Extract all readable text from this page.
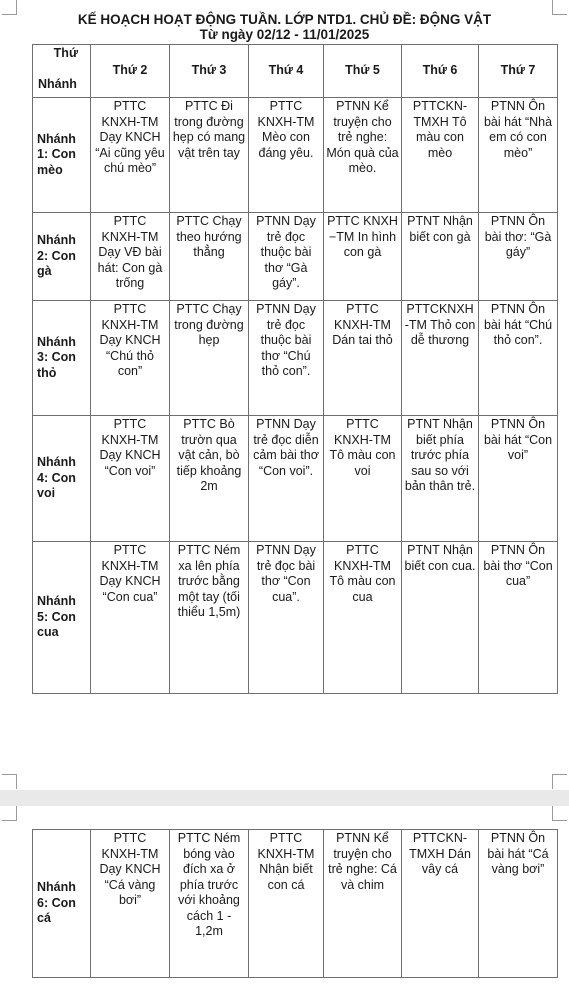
KẾ HOẠCH HOẠT ĐỘNG TUẦN. LỚP NTD1. CHỦ ĐỀ: ĐỘNG VẬT
Từ ngày 02/12 - 11/01/2025
Thứ
Nhánh	Thứ 2	Thứ 3	Thứ 4	Thứ 5	Thứ 6	Thứ 7
Nhánh 1: Con mèo	PTTC KNXH-TM Dạy KNCH “Ai cũng yêu chú mèo”	PTTC Đi trong đường hẹp có mang vật trên tay	PTTC KNXH-TM Mèo con đáng yêu.	PTNN Kể truyện cho trẻ nghe: Món quà của mèo.	PTTCKN-TMXH Tô màu con mèo	PTNN Ôn bài hát “Nhà em có con mèo”
Nhánh 2: Con gà	PTTC KNXH-TM Dạy VĐ bài hát: Con gà trống	PTTC Chạy theo hướng thẳng	PTNN Dạy trẻ đọc thuộc bài thơ “Gà gáy”.	PTTC KNXH −TM In hình con gà	PTNT Nhận biết con gà	PTNN Ôn bài thơ: “Gà gáy”
Nhánh 3: Con thỏ	PTTC KNXH-TM Dạy KNCH “Chú thỏ con”	PTTC Chạy trong đường hẹp	PTNN Dạy trẻ đọc thuộc bài thơ “Chú thỏ con”.	PTTC KNXH-TM Dán tai thỏ	PTTCKNXH -TM Thỏ con dễ thương	PTNN Ôn bài hát “Chú thỏ con”.
Nhánh 4: Con voi	PTTC KNXH-TM Dạy KNCH “Con voi”	PTTC Bò trườn qua vật cản, bò tiếp khoảng 2m	PTNN Dạy trẻ đọc diễn cảm bài thơ “Con voi”.	PTTC KNXH-TM Tô màu con voi	PTNT Nhận biết phía trước phía sau so với bản thân trẻ.	PTNN Ôn bài hát “Con voi”
Nhánh 5: Con cua	PTTC KNXH-TM Dạy KNCH “Con cua”	PTTC Ném xa lên phía trước bằng một tay (tối thiểu 1,5m)	PTNN Dạy trẻ đọc bài thơ “Con cua”.	PTTC KNXH-TM Tô màu con cua	PTNT Nhận biết con cua.	PTNN Ôn bài thơ “Con cua”
Nhánh 6: Con cá	PTTC KNXH-TM Dạy KNCH “Cá vàng bơi”	PTTC Ném bóng vào đích xa ở phía trước với khoảng cách 1 - 1,2m	PTTC KNXH-TM Nhận biết con cá	PTNN Kể truyện cho trẻ nghe: Cá và chim	PTTCKN-TMXH Dán vây cá	PTNN Ôn bài hát “Cá vàng bơi”
